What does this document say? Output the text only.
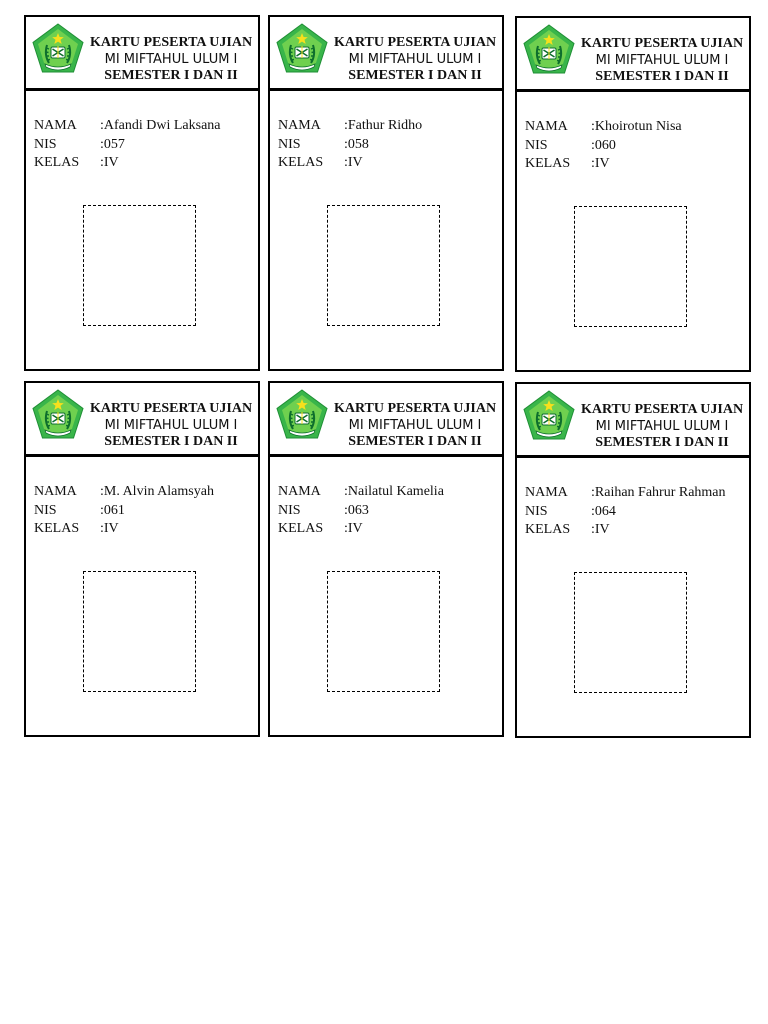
KARTU PESERTA UJIAN
MI MIFTAHUL ULUM I
SEMESTER I DAN II
NAMA :Afandi Dwi Laksana
NIS	:057
KELAS :IV
KARTU PESERTA UJIAN
MI MIFTAHUL ULUM I
SEMESTER I DAN II
NAMA :Fathur Ridho
NIS	:058
KELAS :IV
KARTU PESERTA UJIAN
MI MIFTAHUL ULUM I
SEMESTER I DAN II
NAMA :Khoirotun Nisa
NIS	:060
KELAS :IV
KARTU PESERTA UJIAN
MI MIFTAHUL ULUM I
SEMESTER I DAN II
NAMA :M. Alvin Alamsyah
NIS	:061
KELAS :IV
KARTU PESERTA UJIAN
MI MIFTAHUL ULUM I
SEMESTER I DAN II
NAMA :Nailatul Kamelia
NIS	:063
KELAS :IV
KARTU PESERTA UJIAN
MI MIFTAHUL ULUM I
SEMESTER I DAN II
NAMA :Raihan Fahrur Rahman
NIS	:064
KELAS :IV
